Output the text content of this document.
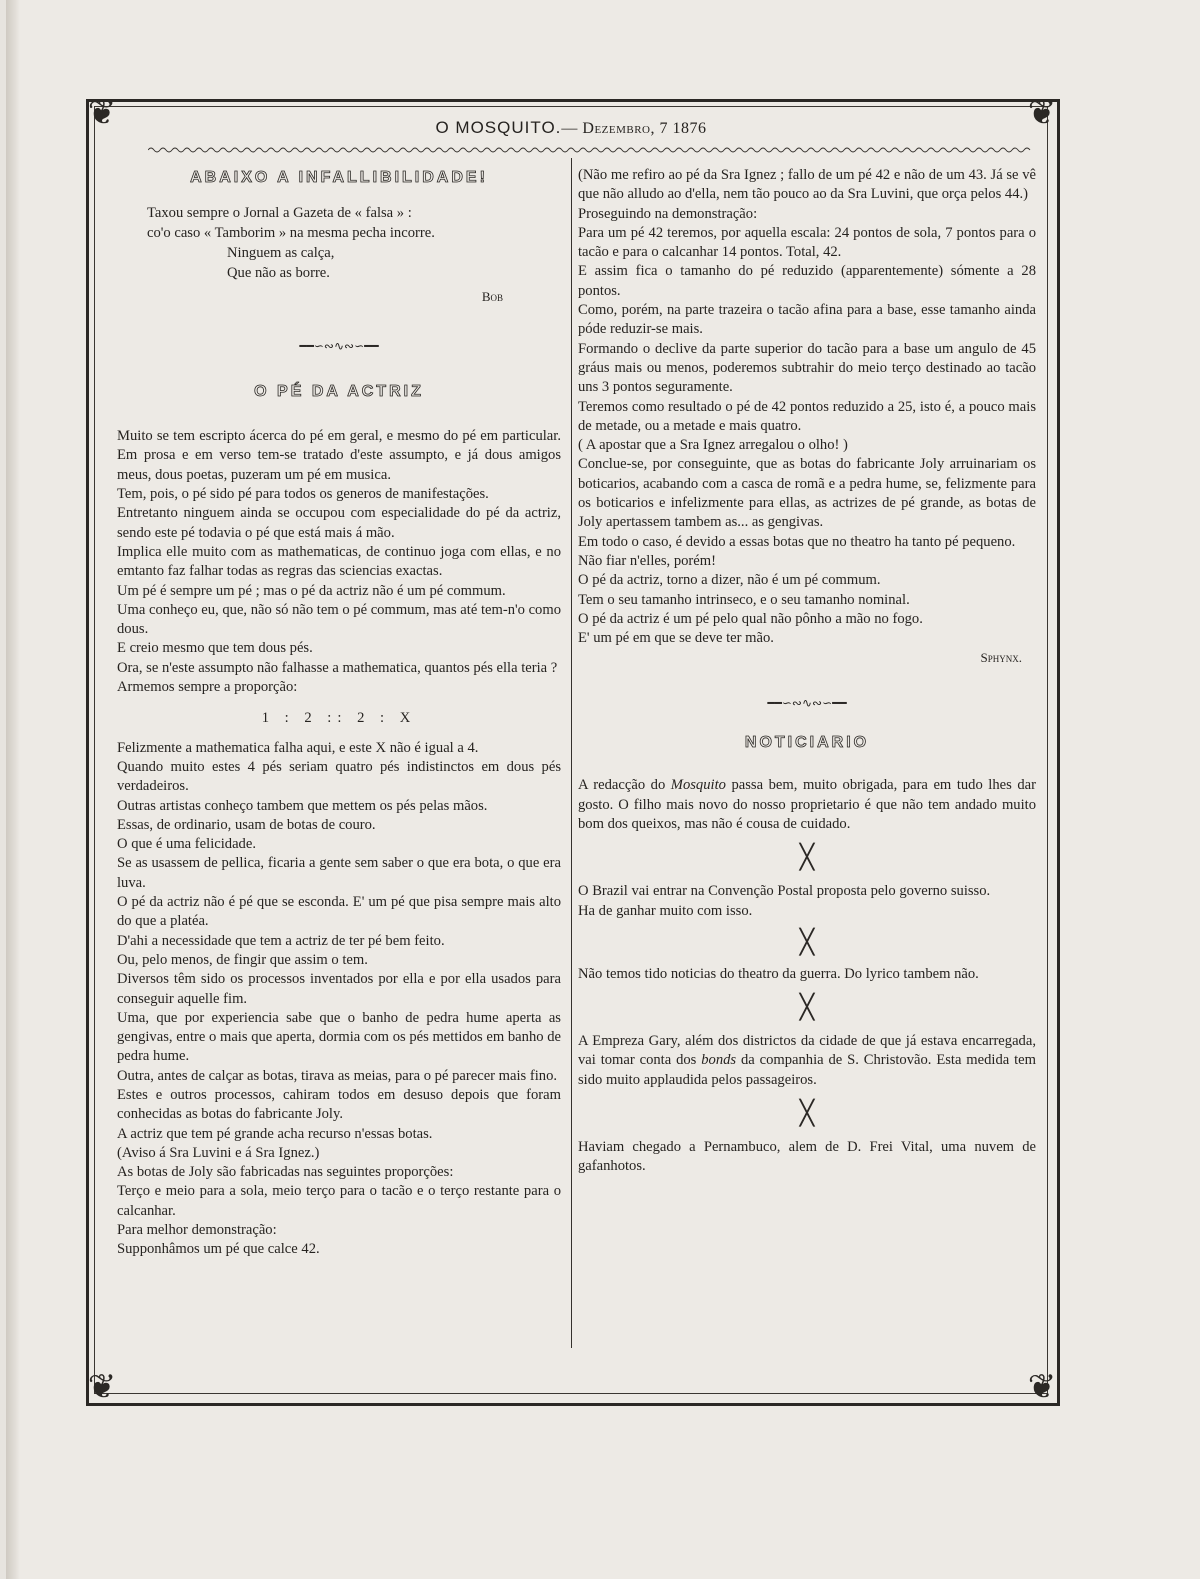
❦	❦
❦	❦
O MOSQUITO.— Dezembro, 7 1876

ABAIXO A INFALLIBILIDADE!

Taxou sempre o Jornal a Gazeta de « falsa » :

co'o caso « Tamborim » na mesma pecha incorre.

Ninguem as calça,

Que não as borre.

Bob

━━∽∾∿∾∽━━

O PÉ DA ACTRIZ

Muito se tem escripto ácerca do pé em geral, e mesmo do pé em particular. Em prosa e em verso tem-se tratado d'este assumpto, e já dous amigos meus, dous poetas, puzeram um pé em musica.

Tem, pois, o pé sido pé para todos os generos de manifestações.

Entretanto ninguem ainda se occupou com especialidade do pé da actriz, sendo este pé todavia o pé que está mais á mão.

Implica elle muito com as mathematicas, de continuo joga com ellas, e no emtanto faz falhar todas as regras das sciencias exactas.

Um pé é sempre um pé ; mas o pé da actriz não é um pé commum.

Uma conheço eu, que, não só não tem o pé commum, mas até tem-n'o como dous.

E creio mesmo que tem dous pés.

Ora, se n'este assumpto não falhasse a mathematica, quantos pés ella teria ?

Armemos sempre a proporção:

1 : 2 :: 2 : X

Felizmente a mathematica falha aqui, e este X não é igual a 4.

Quando muito estes 4 pés seriam quatro pés indistinctos em dous pés verdadeiros.

Outras artistas conheço tambem que mettem os pés pelas mãos.

Essas, de ordinario, usam de botas de couro.

O que é uma felicidade.

Se as usassem de pellica, ficaria a gente sem saber o que era bota, o que era luva.

O pé da actriz não é pé que se esconda. E' um pé que pisa sempre mais alto do que a platéa.

D'ahi a necessidade que tem a actriz de ter pé bem feito.

Ou, pelo menos, de fingir que assim o tem.

Diversos têm sido os processos inventados por ella e por ella usados para conseguir aquelle fim.

Uma, que por experiencia sabe que o banho de pedra hume aperta as gengivas, entre o mais que aperta, dormia com os pés mettidos em banho de pedra hume.

Outra, antes de calçar as botas, tirava as meias, para o pé parecer mais fino.

Estes e outros processos, cahiram todos em desuso depois que foram conhecidas as botas do fabricante Joly.

A actriz que tem pé grande acha recurso n'essas botas.

(Aviso á Sra Luvini e á Sra Ignez.)

As botas de Joly são fabricadas nas seguintes proporções:

Terço e meio para a sola, meio terço para o tacão e o terço restante para o calcanhar.

Para melhor demonstração:

Supponhâmos um pé que calce 42.

(Não me refiro ao pé da Sra Ignez ; fallo de um pé 42 e não de um 43. Já se vê que não alludo ao d'ella, nem tão pouco ao da Sra Luvini, que orça pelos 44.)

Proseguindo na demonstração:

Para um pé 42 teremos, por aquella escala: 24 pontos de sola, 7 pontos para o tacão e para o calcanhar 14 pontos. Total, 42.

E assim fica o tamanho do pé reduzido (apparentemente) sómente a 28 pontos.

Como, porém, na parte trazeira o tacão afina para a base, esse tamanho ainda póde reduzir-se mais.

Formando o declive da parte superior do tacão para a base um angulo de 45 gráus mais ou menos, poderemos subtrahir do meio terço destinado ao tacão uns 3 pontos seguramente.

Teremos como resultado o pé de 42 pontos reduzido a 25, isto é, a pouco mais de metade, ou a metade e mais quatro.

( A apostar que a Sra Ignez arregalou o olho! )

Conclue-se, por conseguinte, que as botas do fabricante Joly arruinariam os boticarios, acabando com a casca de romã e a pedra hume, se, felizmente para os boticarios e infelizmente para ellas, as actrizes de pé grande, as botas de Joly apertassem tambem as... as gengivas.

Em todo o caso, é devido a essas botas que no theatro ha tanto pé pequeno.

Não fiar n'elles, porém!

O pé da actriz, torno a dizer, não é um pé commum.

Tem o seu tamanho intrinseco, e o seu tamanho nominal.

O pé da actriz é um pé pelo qual não pônho a mão no fogo.

E' um pé em que se deve ter mão.

Sphynx.

━━∽∾∿∾∽━━

NOTICIARIO

A redacção do Mosquito passa bem, muito obrigada, para em tudo lhes dar gosto. O filho mais novo do nosso proprietario é que não tem andado muito bom dos queixos, mas não é cousa de cuidado.

╳

O Brazil vai entrar na Convenção Postal proposta pelo governo suisso.

Ha de ganhar muito com isso.

╳

Não temos tido noticias do theatro da guerra. Do lyrico tambem não.

╳

A Empreza Gary, além dos districtos da cidade de que já estava encarregada, vai tomar conta dos bonds da companhia de S. Christovão. Esta medida tem sido muito applaudida pelos passageiros.

╳

Haviam chegado a Pernambuco, alem de D. Frei Vital, uma nuvem de gafanhotos.
